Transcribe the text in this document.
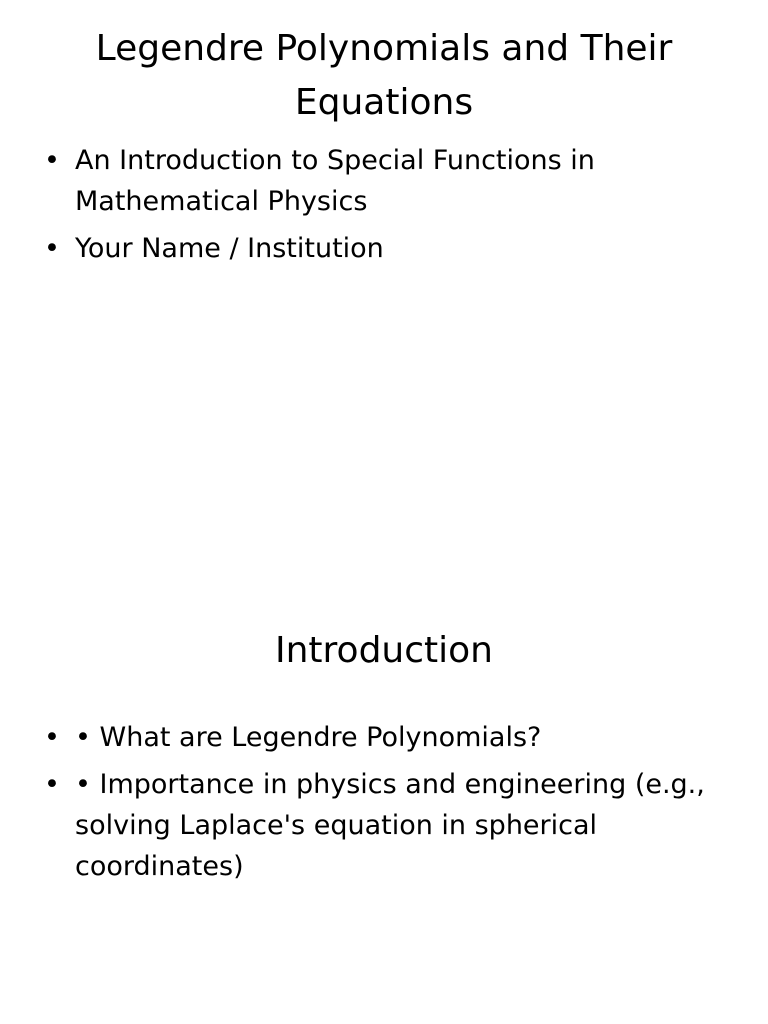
Legendre Polynomials and Their Equations
• An Introduction to Special Functions in Mathematical Physics
• Your Name / Institution
Introduction
• • What are Legendre Polynomials?
• • Importance in physics and engineering (e.g., solving Laplace's equation in spherical coordinates)
